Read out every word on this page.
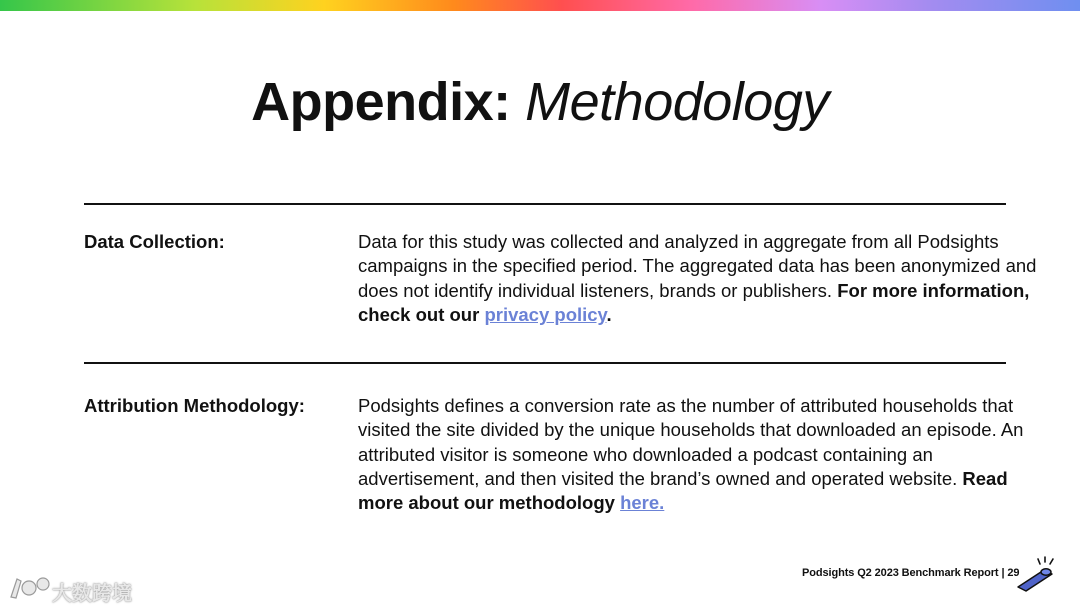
Appendix: Methodology
Data Collection:	Data for this study was collected and analyzed in aggregate from all Podsights campaigns in the specified period. The aggregated data has been anonymized and does not identify individual listeners, brands or publishers. For more information, check out our privacy policy.
Attribution Methodology:	Podsights defines a conversion rate as the number of attributed households that visited the site divided by the unique households that downloaded an episode. An attributed visitor is someone who downloaded a podcast containing an advertisement, and then visited the brand’s owned and operated website. Read more about our methodology here.
Podsights Q2 2023 Benchmark Report | 29
大数跨境
